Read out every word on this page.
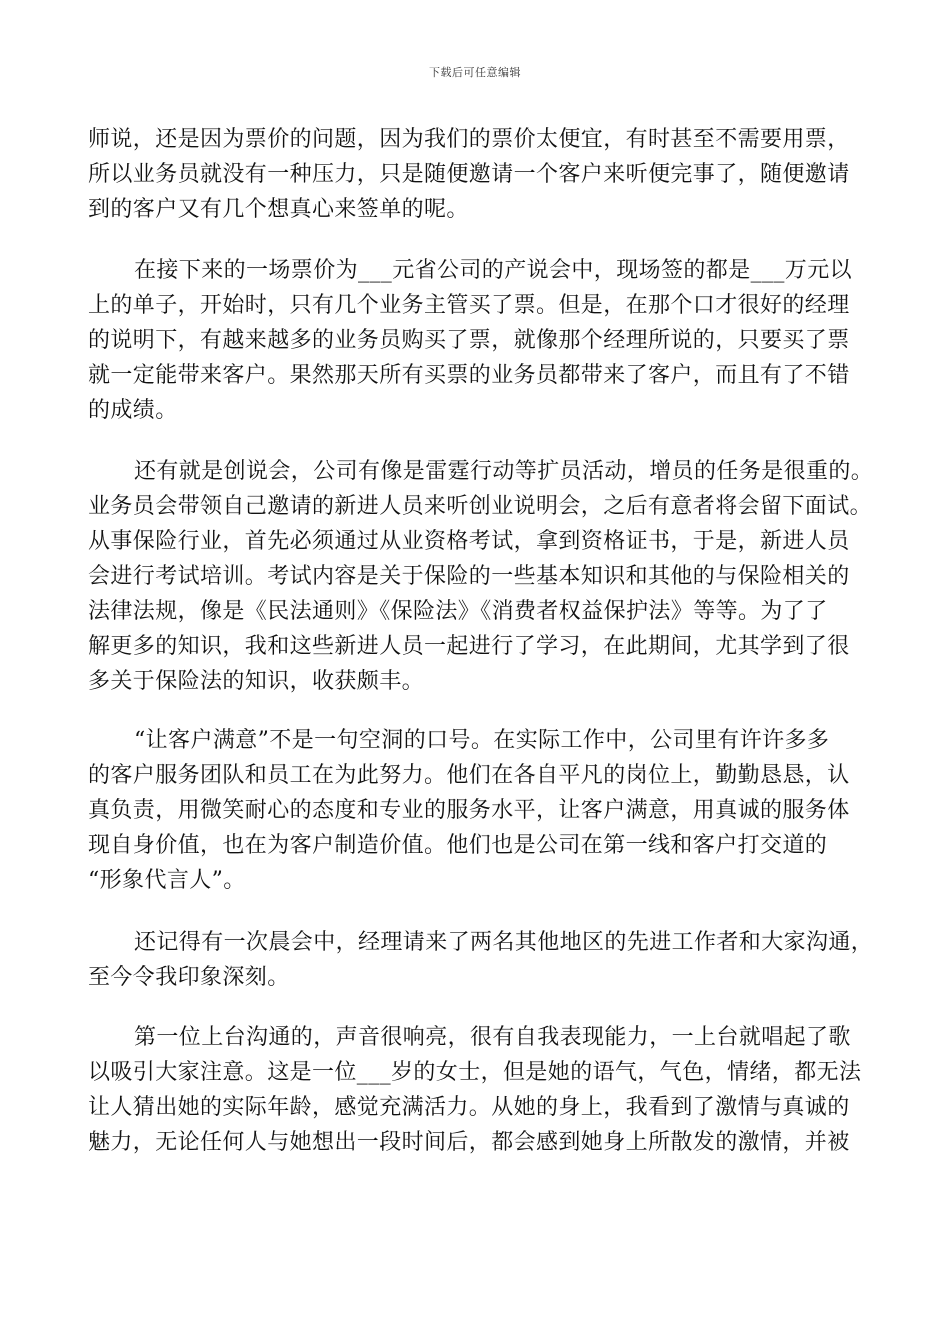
下载后可任意编辑
师说，还是因为票价的问题，因为我们的票价太便宜，有时甚至不需要用票，
所以业务员就没有一种压力，只是随便邀请一个客户来听便完事了，随便邀请
到的客户又有几个想真心来签单的呢。
在接下来的一场票价为___元省公司的产说会中，现场签的都是___万元以
上的单子，开始时，只有几个业务主管买了票。但是，在那个口才很好的经理
的说明下，有越来越多的业务员购买了票，就像那个经理所说的，只要买了票
就一定能带来客户。果然那天所有买票的业务员都带来了客户，而且有了不错
的成绩。
还有就是创说会，公司有像是雷霆行动等扩员活动，增员的任务是很重的。
业务员会带领自己邀请的新进人员来听创业说明会，之后有意者将会留下面试。
从事保险行业，首先必须通过从业资格考试，拿到资格证书，于是，新进人员
会进行考试培训。考试内容是关于保险的一些基本知识和其他的与保险相关的
法律法规，像是《民法通则》《保险法》《消费者权益保护法》等等。为了了
解更多的知识，我和这些新进人员一起进行了学习，在此期间，尤其学到了很
多关于保险法的知识，收获颇丰。
“让客户满意”不是一句空洞的口号。在实际工作中，公司里有许许多多
的客户服务团队和员工在为此努力。他们在各自平凡的岗位上，勤勤恳恳，认
真负责，用微笑耐心的态度和专业的服务水平，让客户满意，用真诚的服务体
现自身价值，也在为客户制造价值。他们也是公司在第一线和客户打交道的
“形象代言人”。
还记得有一次晨会中，经理请来了两名其他地区的先进工作者和大家沟通，
至今令我印象深刻。
第一位上台沟通的，声音很响亮，很有自我表现能力，一上台就唱起了歌
以吸引大家注意。这是一位___岁的女士，但是她的语气，气色，情绪，都无法
让人猜出她的实际年龄，感觉充满活力。从她的身上，我看到了激情与真诚的
魅力，无论任何人与她想出一段时间后，都会感到她身上所散发的激情，并被
